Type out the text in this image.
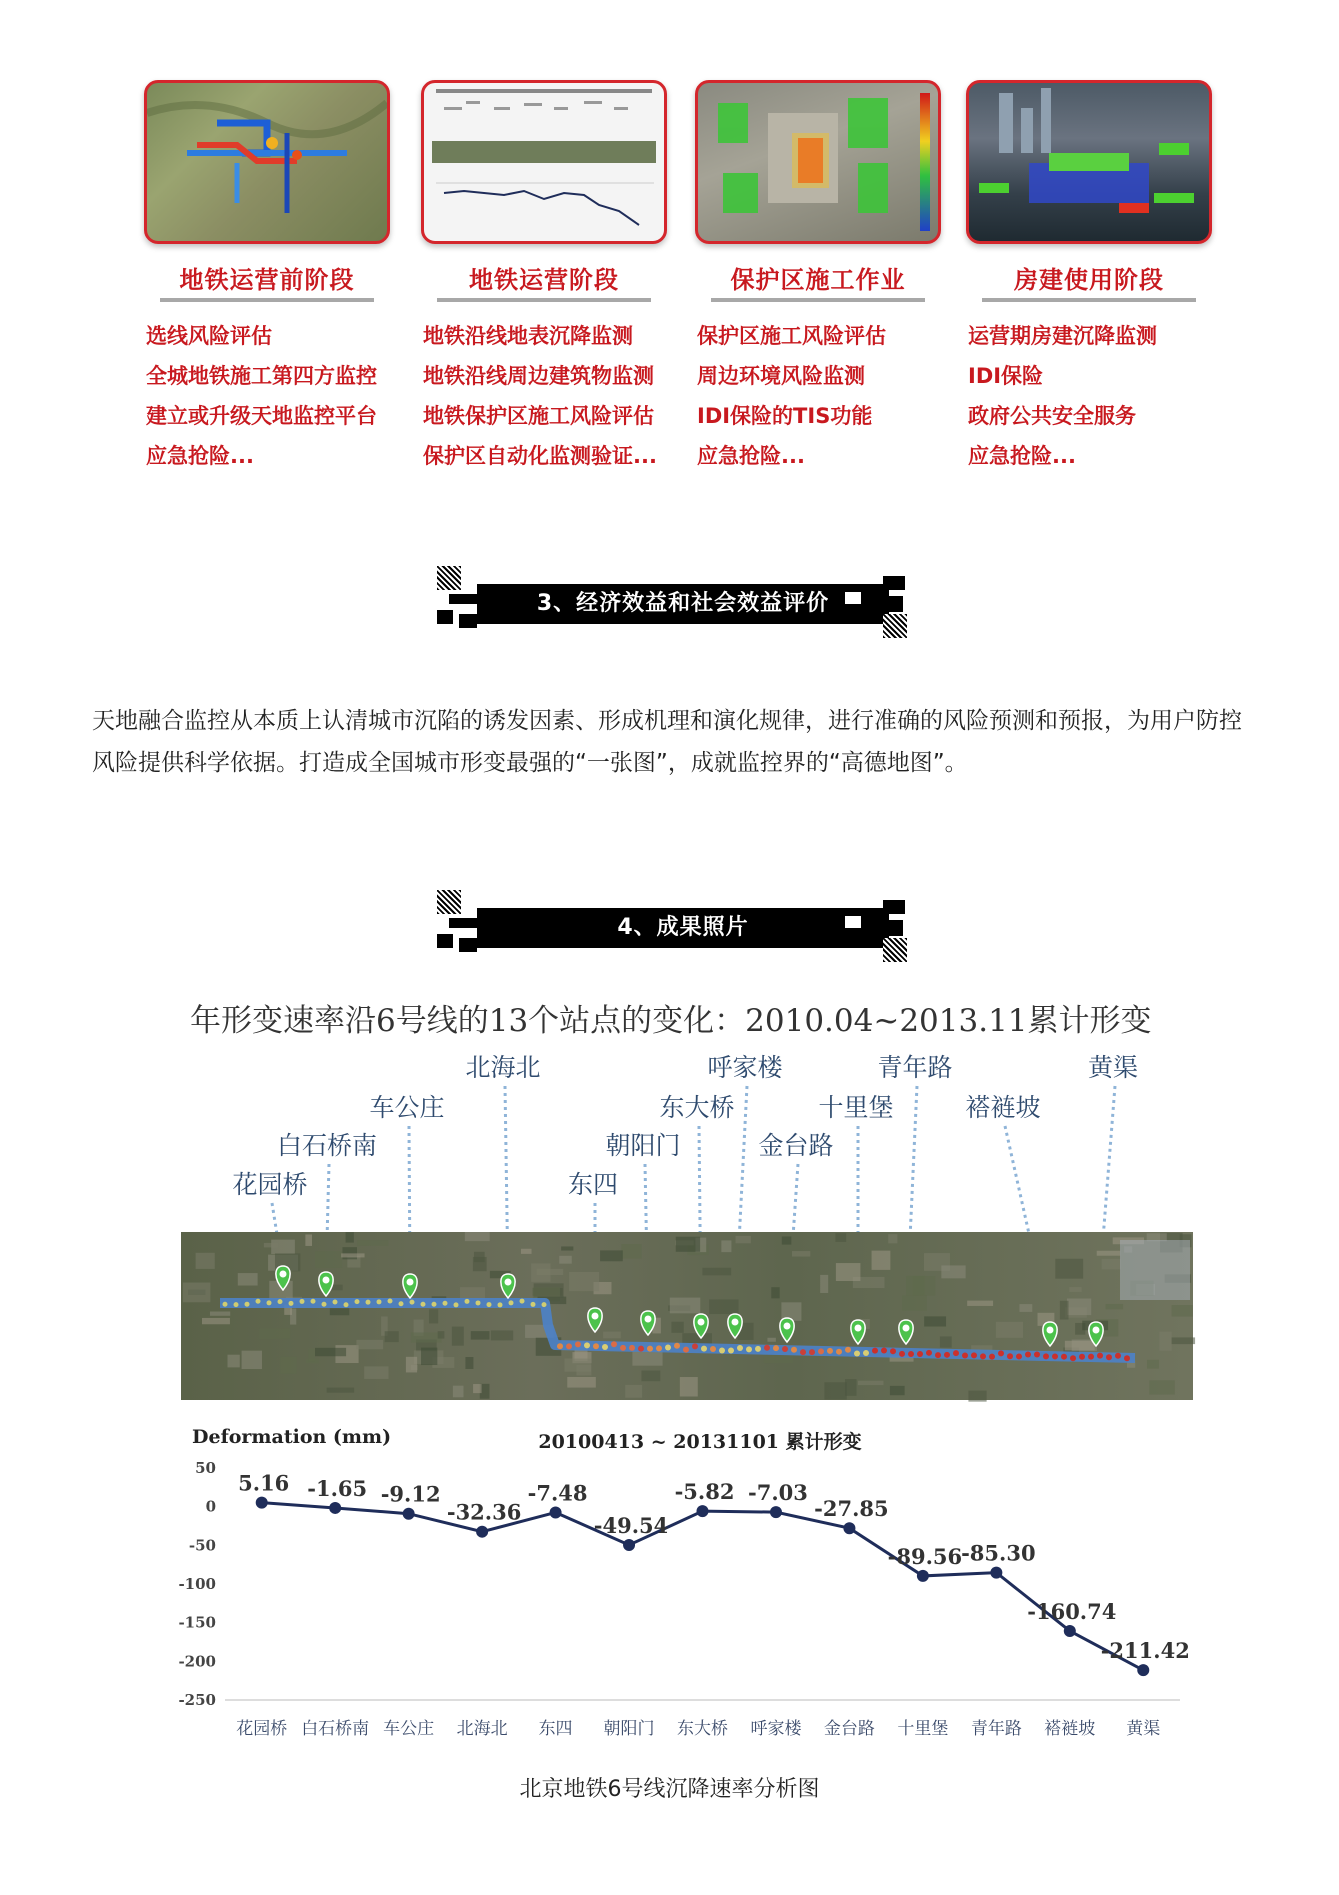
地铁运营前阶段
选线风险评估
全城地铁施工第四方监控
建立或升级天地监控平台
应急抢险...
地铁运营阶段
地铁沿线地表沉降监测
地铁沿线周边建筑物监测
地铁保护区施工风险评估
保护区自动化监测验证...
保护区施工作业
保护区施工风险评估
周边环境风险监测
IDI保险的TIS功能
应急抢险...
房建使用阶段
运营期房建沉降监测
IDI保险
政府公共安全服务
应急抢险...
3、经济效益和社会效益评价
天地融合监控从本质上认清城市沉陷的诱发因素、形成机理和演化规律，进行准确的风险预测和预报，为用户防控风险提供科学依据。打造成全国城市形变最强的“一张图”，成就监控界的“高德地图”。
4、成果照片
年形变速率沿6号线的13个站点的变化：2010.04~2013.11累计形变
花园桥
白石桥南
车公庄
北海北
东四
朝阳门
东大桥
呼家楼
金台路
十里堡
青年路
褡裢坡
黄渠
Deformation (mm)	20100413 ~ 20131101 累计形变
50
0
-50
-100
-150
-200
-250
花园桥 白石桥南 车公庄 北海北 东四 朝阳门 东大桥 呼家楼 金台路 十里堡 青年路 褡裢坡 黄渠
5.16 -1.65 -9.12
-32.36
-7.48
-49.54
-5.82 -7.03
-27.85
-89.56
-85.30
-160.74
-211.42
北京地铁6号线沉降速率分析图
